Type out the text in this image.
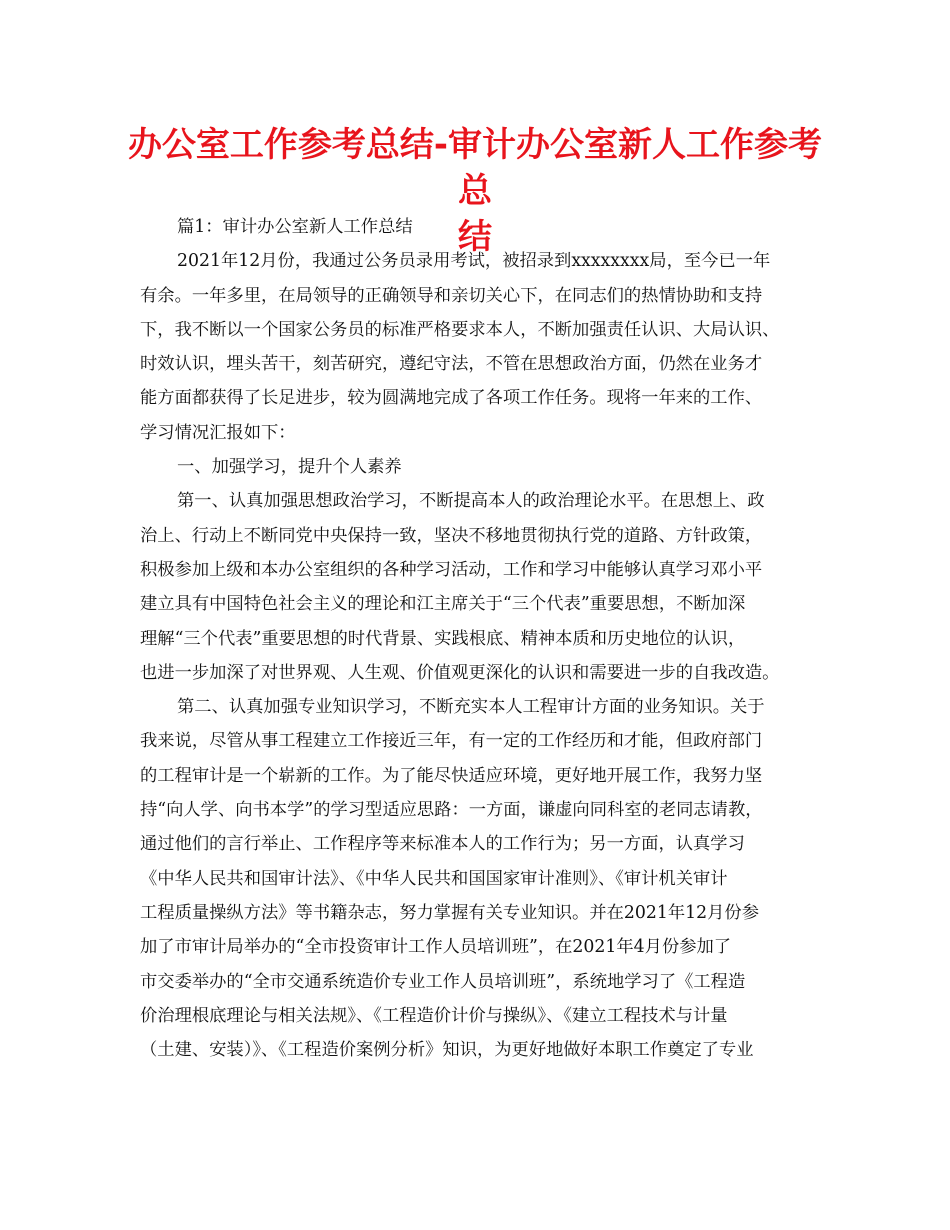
办公室工作参考总结-审计办公室新人工作参考总
结
篇1：审计办公室新人工作总结
2021年12月份，我通过公务员录用考试，被招录到xxxxxxxx局，至今已一年
有余。一年多里，在局领导的正确领导和亲切关心下，在同志们的热情协助和支持
下，我不断以一个国家公务员的标准严格要求本人，不断加强责任认识、大局认识、
时效认识，埋头苦干，刻苦研究，遵纪守法，不管在思想政治方面，仍然在业务才
能方面都获得了长足进步，较为圆满地完成了各项工作任务。现将一年来的工作、
学习情况汇报如下：
一、加强学习，提升个人素养
第一、认真加强思想政治学习，不断提高本人的政治理论水平。在思想上、政
治上、行动上不断同党中央保持一致，坚决不移地贯彻执行党的道路、方针政策，
积极参加上级和本办公室组织的各种学习活动，工作和学习中能够认真学习邓小平
建立具有中国特色社会主义的理论和江主席关于“三个代表”重要思想，不断加深
理解“三个代表”重要思想的时代背景、实践根底、精神本质和历史地位的认识，
也进一步加深了对世界观、人生观、价值观更深化的认识和需要进一步的自我改造。
第二、认真加强专业知识学习，不断充实本人工程审计方面的业务知识。关于
我来说，尽管从事工程建立工作接近三年，有一定的工作经历和才能，但政府部门
的工程审计是一个崭新的工作。为了能尽快适应环境，更好地开展工作，我努力坚
持“向人学、向书本学”的学习型适应思路：一方面，谦虚向同科室的老同志请教，
通过他们的言行举止、工作程序等来标准本人的工作行为；另一方面，认真学习
《中华人民共和国审计法》、《中华人民共和国国家审计准则》、《审计机关审计
工程质量操纵方法》等书籍杂志，努力掌握有关专业知识。并在2021年12月份参
加了市审计局举办的“全市投资审计工作人员培训班”，在2021年4月份参加了
市交委举办的“全市交通系统造价专业工作人员培训班”，系统地学习了《工程造
价治理根底理论与相关法规》、《工程造价计价与操纵》、《建立工程技术与计量
（土建、安装）》、《工程造价案例分析》知识，为更好地做好本职工作奠定了专业
